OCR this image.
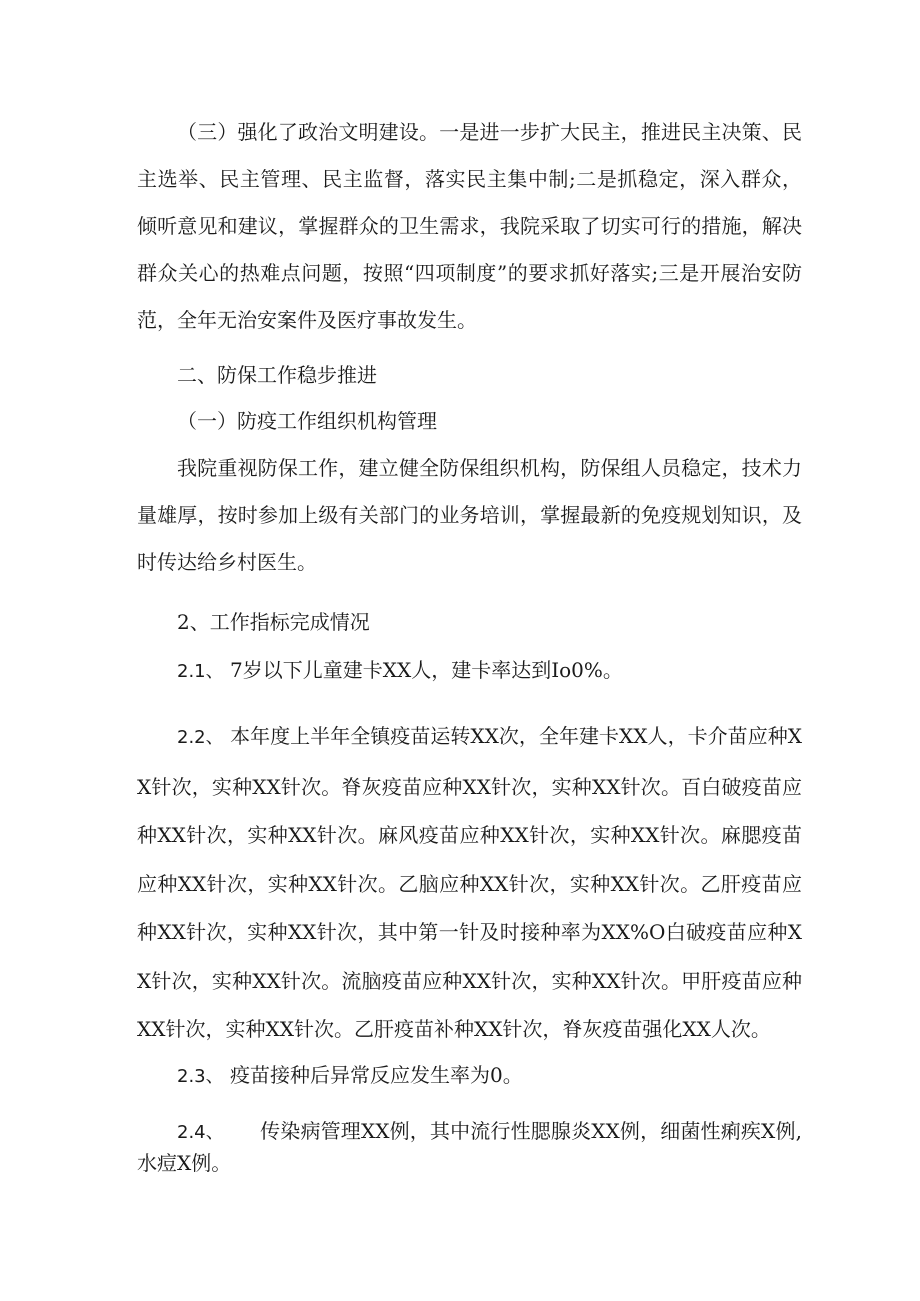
（三）强化了政治文明建设。一是进一步扩大民主，推进民主决策、民主选举、民主管理、民主监督，落实民主集中制;二是抓稳定，深入群众，倾听意见和建议，掌握群众的卫生需求，我院采取了切实可行的措施，解决群众关心的热难点问题，按照“四项制度”的要求抓好落实;三是开展治安防范，全年无治安案件及医疗事故发生。

二、防保工作稳步推进

（一）防疫工作组织机构管理

我院重视防保工作，建立健全防保组织机构，防保组人员稳定，技术力量雄厚，按时参加上级有关部门的业务培训，掌握最新的免疫规划知识，及时传达给乡村医生。

2、工作指标完成情况

2.1、 7岁以下儿童建卡XX人，建卡率达到Io0%。

2.2、 本年度上半年全镇疫苗运转XX次，全年建卡XX人，卡介苗应种XX针次，实种XX针次。脊灰疫苗应种XX针次，实种XX针次。百白破疫苗应种XX针次，实种XX针次。麻风疫苗应种XX针次，实种XX针次。麻腮疫苗应种XX针次，实种XX针次。乙脑应种XX针次，实种XX针次。乙肝疫苗应种XX针次，实种XX针次，其中第一针及时接种率为XX%O白破疫苗应种XX针次，实种XX针次。流脑疫苗应种XX针次，实种XX针次。甲肝疫苗应种XX针次，实种XX针次。乙肝疫苗补种XX针次，脊灰疫苗强化XX人次。

2.3、 疫苗接种后异常反应发生率为0。

2.4、 传染病管理XX例，其中流行性腮腺炎XX例，细菌性痢疾X例,水痘X例。
